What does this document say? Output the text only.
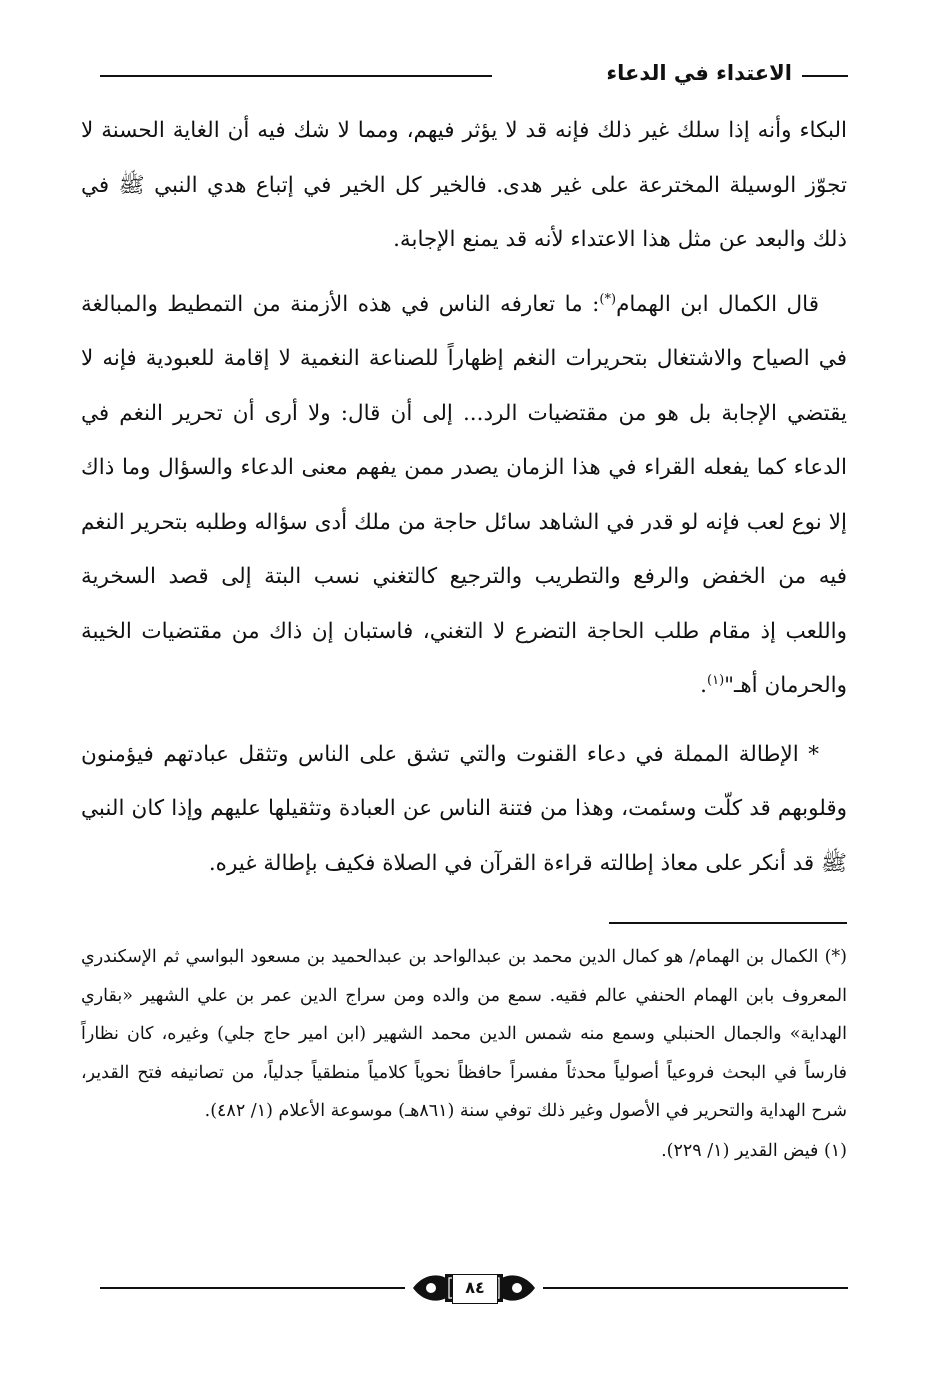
الاعتداء في الدعاء

البكاء وأنه إذا سلك غير ذلك فإنه قد لا يؤثر فيهم، ومما لا شك فيه أن الغاية الحسنة لا تجوّز الوسيلة المخترعة على غير هدى. فالخير كل الخير في إتباع هدي النبي ﷺ في ذلك والبعد عن مثل هذا الاعتداء لأنه قد يمنع الإجابة.

قال الكمال ابن الهمام(*): ما تعارفه الناس في هذه الأزمنة من التمطيط والمبالغة في الصياح والاشتغال بتحريرات النغم إظهاراً للصناعة النغمية لا إقامة للعبودية فإنه لا يقتضي الإجابة بل هو من مقتضيات الرد... إلى أن قال: ولا أرى أن تحرير النغم في الدعاء كما يفعله القراء في هذا الزمان يصدر ممن يفهم معنى الدعاء والسؤال وما ذاك إلا نوع لعب فإنه لو قدر في الشاهد سائل حاجة من ملك أدى سؤاله وطلبه بتحرير النغم فيه من الخفض والرفع والتطريب والترجيع كالتغني نسب البتة إلى قصد السخرية واللعب إذ مقام طلب الحاجة التضرع لا التغني، فاستبان إن ذاك من مقتضيات الخيبة والحرمان أهـ"$^{(١)}$.

* الإطالة المملة في دعاء القنوت والتي تشق على الناس وتثقل عبادتهم فيؤمنون وقلوبهم قد كلّت وسئمت، وهذا من فتنة الناس عن العبادة وتثقيلها عليهم وإذا كان النبي ﷺ قد أنكر على معاذ إطالته قراءة القرآن في الصلاة فكيف بإطالة غيره.

(*) الكمال بن الهمام/ هو كمال الدين محمد بن عبدالواحد بن عبدالحميد بن مسعود البواسي ثم الإسكندري المعروف بابن الهمام الحنفي عالم فقيه. سمع من والده ومن سراج الدين عمر بن علي الشهير «بقاري الهداية» والجمال الحنبلي وسمع منه شمس الدين محمد الشهير (ابن امير حاج جلي) وغيره، كان نظاراً فارساً في البحث فروعياً أصولياً محدثاً مفسراً حافظاً نحوياً كلامياً منطقياً جدلياً، من تصانيفه فتح القدير، شرح الهداية والتحرير في الأصول وغير ذلك توفي سنة (٨٦١هـ) موسوعة الأعلام (١/ ٤٨٢).

(١) فيض القدير (١/ ٢٢٩).

٨٤
